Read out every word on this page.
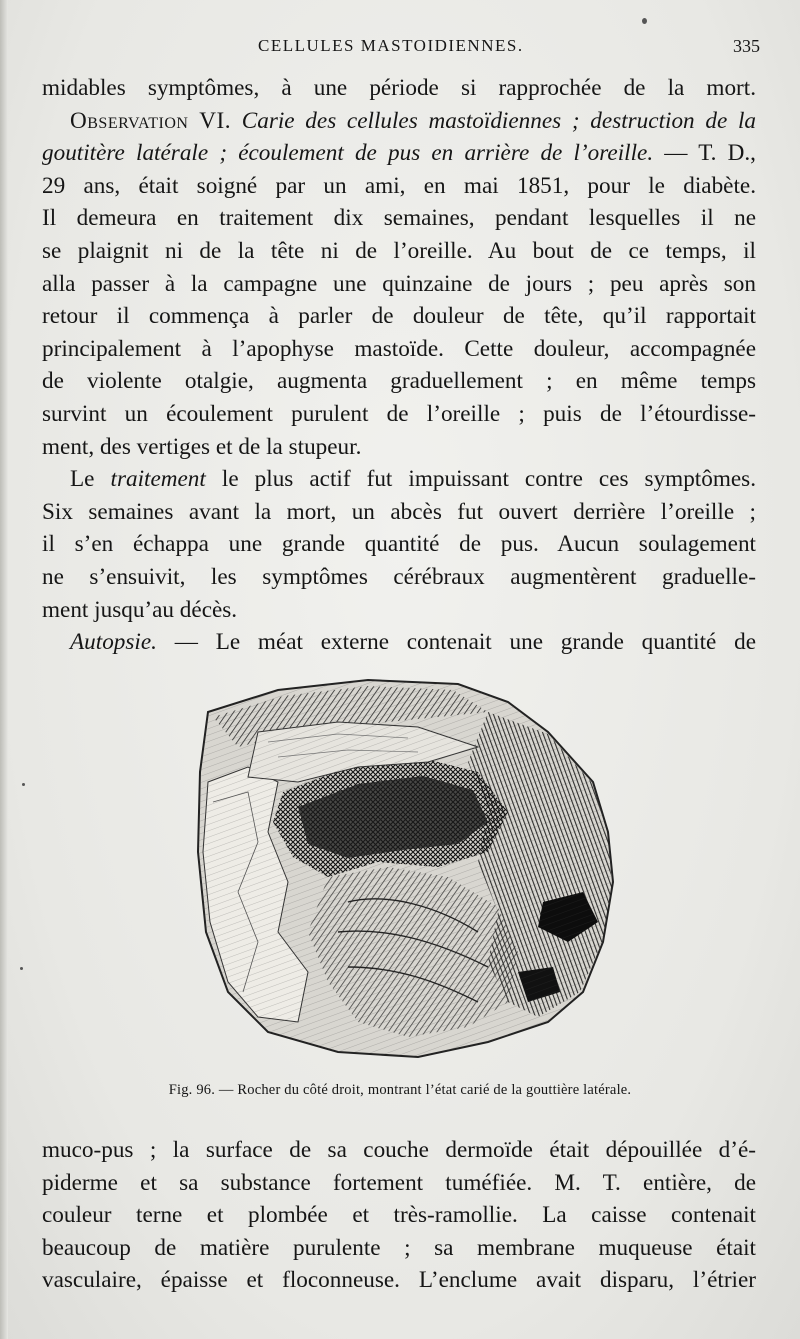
CELLULES MASTOIDIENNES.	335
midables symptômes, à une période si rapprochée de la mort.
Observation VI. Carie des cellules mastoïdiennes ; destruction de la
goutitère latérale ; écoulement de pus en arrière de l’oreille. — T. D.,
29 ans, était soigné par un ami, en mai 1851, pour le diabète.
Il demeura en traitement dix semaines, pendant lesquelles il ne
se plaignit ni de la tête ni de l’oreille. Au bout de ce temps, il
alla passer à la campagne une quinzaine de jours ; peu après son
retour il commença à parler de douleur de tête, qu’il rapportait
principalement à l’apophyse mastoïde. Cette douleur, accompagnée
de violente otalgie, augmenta graduellement ; en même temps
survint un écoulement purulent de l’oreille ; puis de l’étourdisse-
ment, des vertiges et de la stupeur.
Le traitement le plus actif fut impuissant contre ces symptômes.
Six semaines avant la mort, un abcès fut ouvert derrière l’oreille ;
il s’en échappa une grande quantité de pus. Aucun soulagement
ne s’ensuivit, les symptômes cérébraux augmentèrent graduelle-
ment jusqu’au décès.
Autopsie. — Le méat externe contenait une grande quantité de
Fig. 96. — Rocher du côté droit, montrant l’état carié de la gouttière latérale.
muco-pus ; la surface de sa couche dermoïde était dépouillée d’é-
piderme et sa substance fortement tuméfiée. M. T. entière, de
couleur terne et plombée et très-ramollie. La caisse contenait
beaucoup de matière purulente ; sa membrane muqueuse était
vasculaire, épaisse et floconneuse. L’enclume avait disparu, l’étrier
